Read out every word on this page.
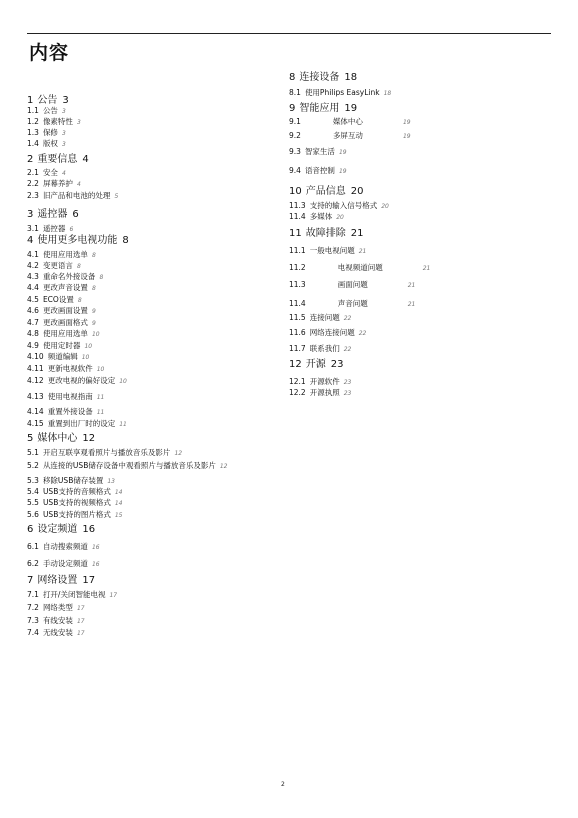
内容
1 公告 3
1.1 公告 3
1.2 像素特性 3
1.3 保修 3
1.4 版权 3
2 重要信息 4
2.1 安全 4
2.2 屏幕养护 4
2.3 旧产品和电池的处理 5
3 遥控器 6
3.1 遥控器 6
4 使用更多电视功能 8
4.1 使用应用选单 8
4.2 变更语言 8
4.3 重命名外接设备 8
4.4 更改声音设置 8
4.5 ECO设置 8
4.6 更改画面设置 9
4.7 更改画面格式 9
4.8 使用应用选单 10
4.9 使用定时器 10
4.10 频道编辑 10
4.11 更新电视软件 10
4.12 更改电视的偏好设定 10
4.13 使用电视指南 11
4.14 重置外接设备 11
4.15 重置到出厂时的设定 11
5 媒体中心 12
5.1 开启互联享观看照片与播放音乐及影片 12
5.2 从连接的USB储存设备中观看照片与播放音乐及影片 12
5.3 移除USB储存装置 13
5.4 USB支持的音频格式 14
5.5 USB支持的视频格式 14
5.6 USB支持的图片格式 15
6 设定频道 16
6.1 自动搜索频道 16
6.2 手动设定频道 16
7 网络设置 17
7.1 打开/关闭智能电视 17
7.2 网络类型 17
7.3 有线安装 17
7.4 无线安装 17
8 连接设备 18
8.1 使用Philips EasyLink 18
9 智能应用 19
9.1	媒体中心	19
9.2	多屏互动	19
9.3 智家生活 19
9.4 语音控制 19
10 产品信息 20
11.3 支持的输入信号格式 20
11.4 多媒体 20
11 故障排除 21
11.1 一般电视问题 21
11.2	电视频道问题	21
11.3	画面问题	21
11.4	声音问题	21
11.5 连接问题 22
11.6 网络连接问题 22
11.7 联系我们 22
12 开源 23
12.1 开源软件 23
12.2 开源执照 23
2
